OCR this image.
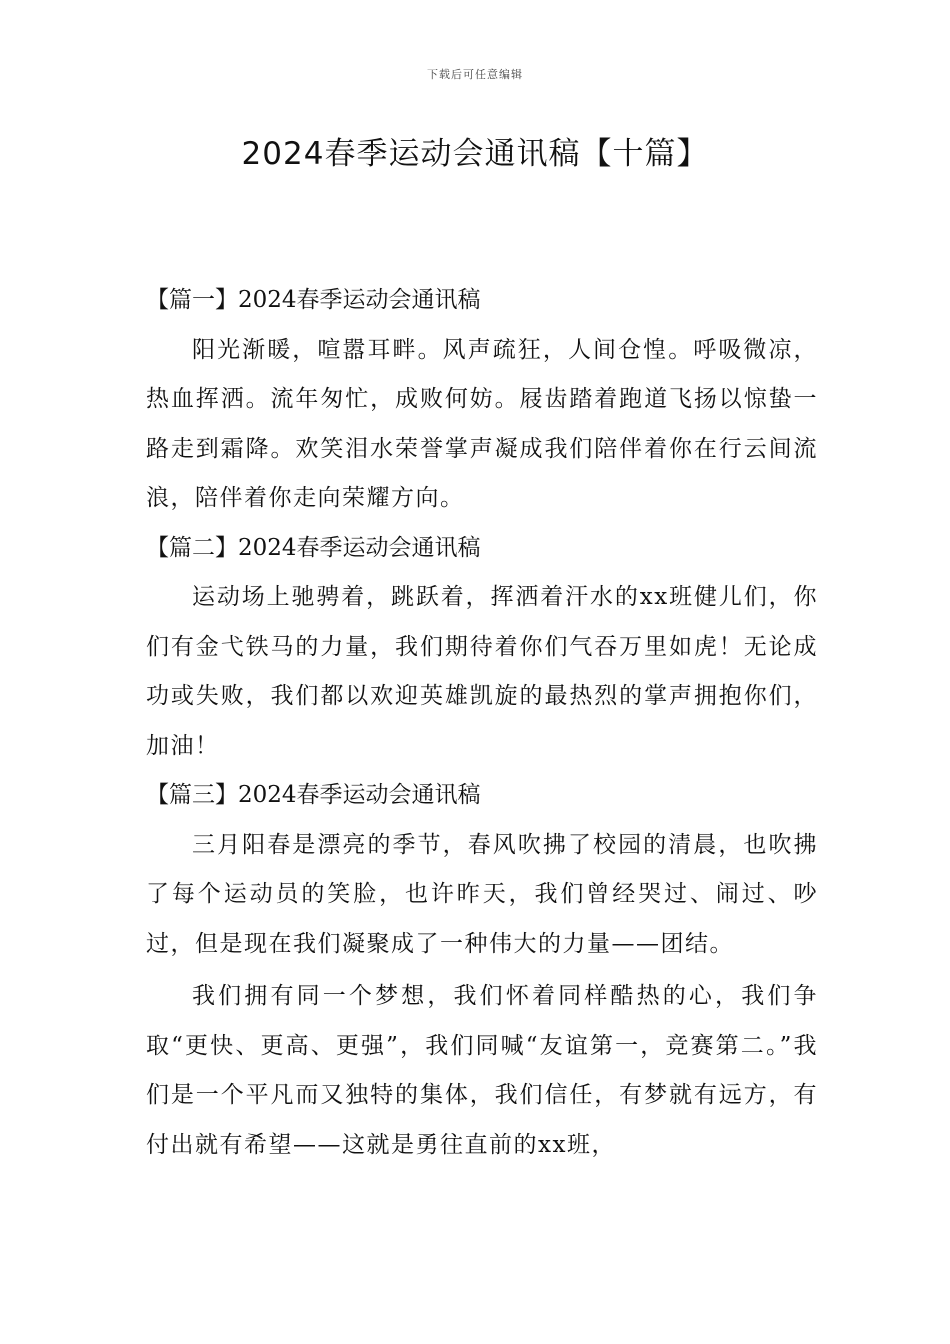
下载后可任意编辑
2024春季运动会通讯稿【十篇】

【篇一】2024春季运动会通讯稿

阳光渐暖，喧嚣耳畔。风声疏狂，人间仓惶。呼吸微凉，热血挥洒。流年匆忙，成败何妨。屐齿踏着跑道飞扬以惊蛰一路走到霜降。欢笑泪水荣誉掌声凝成我们陪伴着你在行云间流浪，陪伴着你走向荣耀方向。

【篇二】2024春季运动会通讯稿

运动场上驰骋着，跳跃着，挥洒着汗水的xx班健儿们，你们有金弋铁马的力量，我们期待着你们气吞万里如虎！无论成功或失败，我们都以欢迎英雄凯旋的最热烈的掌声拥抱你们，加油！

【篇三】2024春季运动会通讯稿

三月阳春是漂亮的季节，春风吹拂了校园的清晨，也吹拂了每个运动员的笑脸，也许昨天，我们曾经哭过、闹过、吵过，但是现在我们凝聚成了一种伟大的力量——团结。

我们拥有同一个梦想，我们怀着同样酷热的心，我们争取“更快、更高、更强”，我们同喊“友谊第一，竞赛第二。”我们是一个平凡而又独特的集体，我们信任，有梦就有远方，有付出就有希望——这就是勇往直前的xx班，
